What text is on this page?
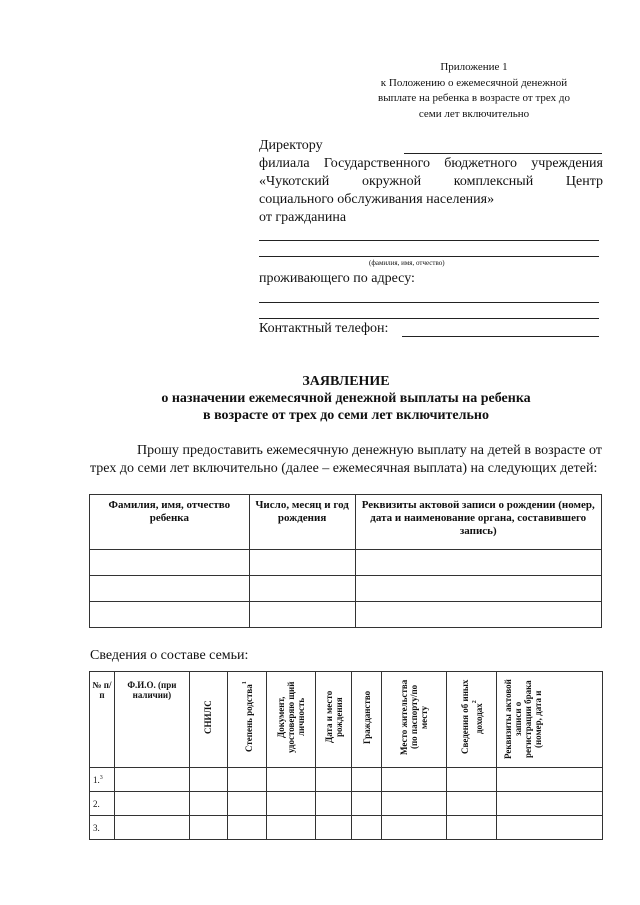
Приложение 1
к Положению о ежемесячной денежной
выплате на ребенка в возрасте от трех до
семи лет включительно
Директору
филиала Государственного бюджетного учреждения
«Чукотский окружной комплексный Центр
социального обслуживания населения»
от гражданина
(фамилия, имя, отчество)
проживающего по адресу:
Контактный телефон:
ЗАЯВЛЕНИЕ
о назначении ежемесячной денежной выплаты на ребенка
в возрасте от трех до семи лет включительно
Прошу предоставить ежемесячную денежную выплату на детей в возрасте от трех до семи лет включительно (далее – ежемесячная выплата) на следующих детей:
Фамилия, имя, отчество ребенка	Число, месяц и год рождения	Реквизиты актовой записи о рождении (номер, дата и наименование органа, составившего запись)

Сведения о составе семьи:
№ п/п	Ф.И.О. (при наличии)	СНИЛС	Степень родства$^1$	Документ, удостоверяю щий личность	Дата и место рождения	Гражданство	Место жительства (по паспорту/по месту	Сведения об иных доходах$^2$	Реквизиты актовой записи о регистрации брака (номер, дата и
1.$^3$									
2.									
3.									
